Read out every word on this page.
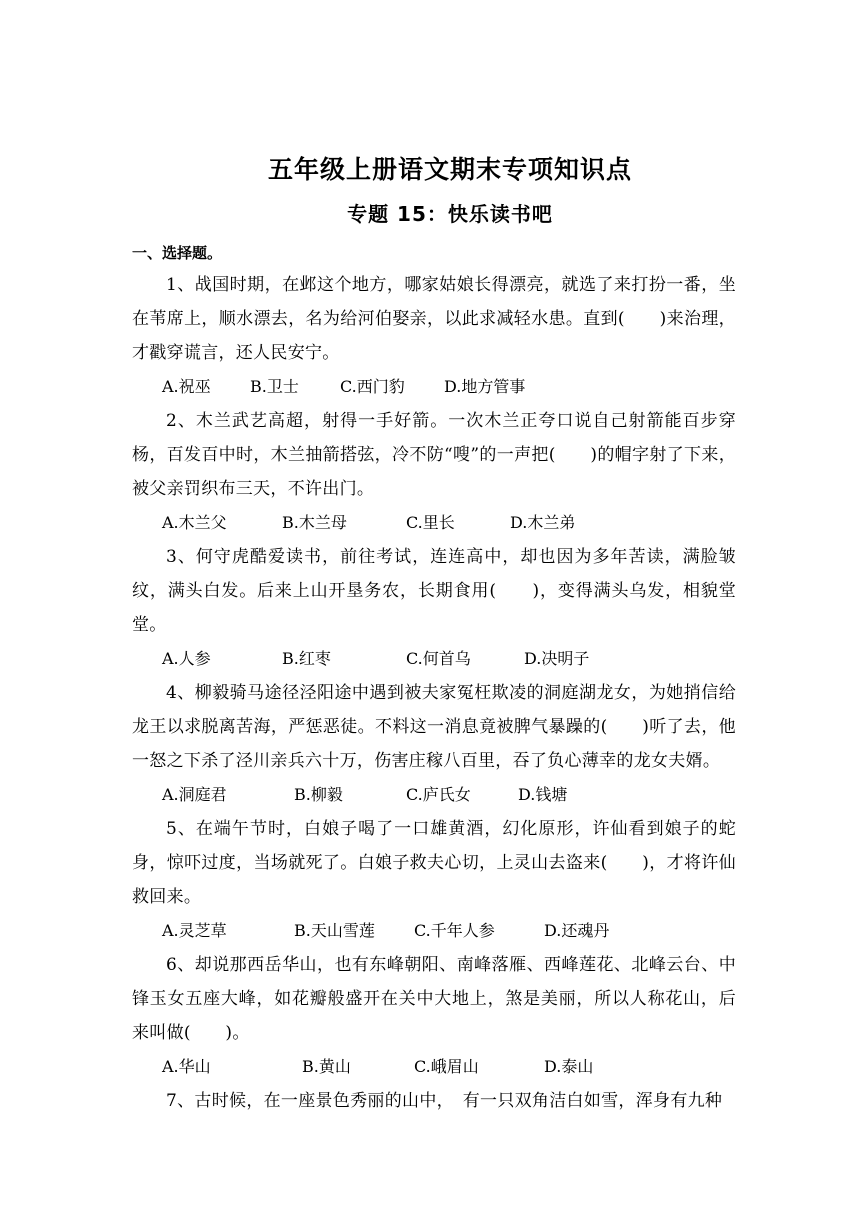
五年级上册语文期末专项知识点
专题 15：快乐读书吧
一、选择题。

1、战国时期，在邺这个地方，哪家姑娘长得漂亮，就选了来打扮一番，坐在苇席上，顺水漂去，名为给河伯娶亲，以此求减轻水患。直到(　　)来治理，才戳穿谎言，还人民安宁。

A.祝巫 B.卫士	C.西门豹 D.地方管事

2、木兰武艺高超，射得一手好箭。一次木兰正夸口说自己射箭能百步穿杨，百发百中时，木兰抽箭搭弦，冷不防“嗖”的一声把(　　)的帽字射了下来，被父亲罚织布三天，不许出门。

A.木兰父	B.木兰母	C.里长	D.木兰弟

3、何守虎酷爱读书，前往考试，连连高中，却也因为多年苦读，满脸皱纹，满头白发。后来上山开垦务农，长期食用(　　)，变得满头乌发，相貌堂堂。

A.人参	B.红枣	C.何首乌	D.决明子

4、柳毅骑马途径泾阳途中遇到被夫家冤枉欺凌的洞庭湖龙女，为她捎信给龙王以求脱离苦海，严惩恶徒。不料这一消息竟被脾气暴躁的(　　)听了去，他一怒之下杀了泾川亲兵六十万，伤害庄稼八百里，吞了负心薄幸的龙女夫婿。

A.洞庭君	B.柳毅	C.庐氏女	D.钱塘

5、在端午节时，白娘子喝了一口雄黄酒，幻化原形，许仙看到娘子的蛇身，惊吓过度，当场就死了。白娘子救夫心切，上灵山去盗来(　　)，才将许仙救回来。

A.灵芝草	B.天山雪莲 C.千年人参	D.还魂丹

6、却说那西岳华山，也有东峰朝阳、南峰落雁、西峰莲花、北峰云台、中锋玉女五座大峰，如花瓣般盛开在关中大地上，煞是美丽，所以人称花山，后来叫做(　　)。

A.华山	B.黄山	C.峨眉山	D.泰山

7、古时候，在一座景色秀丽的山中，　有一只双角洁白如雪，浑身有九种
